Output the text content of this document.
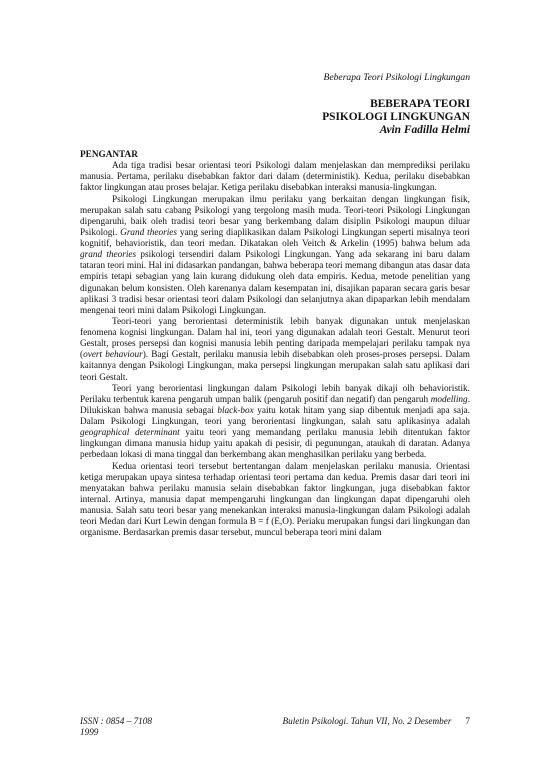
Beberapa Teori Psikologi Lingkungan
BEBERAPA TEORI
PSIKOLOGI LINGKUNGAN
Avin Fadilla Helmi
PENGANTAR

Ada tiga tradisi besar orientasi teori Psikologi dalam menjelaskan dan memprediksi perilaku manusia. Pertama, perilaku disebabkan faktor dari dalam (deterministik). Kedua, perilaku disebabkan faktor lingkungan atau proses belajar. Ketiga perilaku disebabkan interaksi manusia-lingkungan.

Psikologi Lingkungan merupakan ilmu perilaku yang berkaitan dengan lingkungan fisik, merupakan salah satu cabang Psikologi yang tergolong masih muda. Teori-teori Psikologi Lingkungan dipengaruhi, baik oleh tradisi teori besar yang berkembang dalam disiplin Psikologi maupun diluar Psikologi. Grand theories yang sering diaplikasikan dalam Psikologi Lingkungan seperti misalnya teori kognitif, behavioristik, dan teori medan. Dikatakan oleh Veitch & Arkelin (1995) bahwa belum ada grand theories psikologi tersendiri dalam Psikologi Lingkungan. Yang ada sekarang ini baru dalam tataran teori mini. Hal ini didasarkan pandangan, bahwa beberapa teori memang dibangun atas dasar data empiris tetapi sebagian yang lain kurang didukung oleh data empiris. Kedua, metode penelitian yang digunakan belum konsisten. Oleh karenanya dalam kesempatan ini, disajikan paparan secara garis besar aplikasi 3 tradisi besar orientasi teori dalam Psikologi dan selanjutnya akan dipaparkan lebih mendalam mengenai teori mini dalam Psikologi Lingkungan.

Teori-teori yang berorientasi deterministik lebih banyak digunakan untuk menjelaskan fenomena kognisi lingkungan. Dalam hal ini, teori yang digunakan adalah teori Gestalt. Menurut teori Gestalt, proses persepsi dan kognisi manusia lebih penting daripada mempelajari perilaku tampak nya (overt behaviour). Bagi Gestalt, perilaku manusia lebih disebabkan oleh proses-proses persepsi. Dalam kaitannya dengan Psikologi Lingkungan, maka persepsi lingkungan merupakan salah satu aplikasi dari teori Gestalt.

Teori yang berorientasi lingkungan dalam Psikologi lebih banyak dikaji olh behavioristik. Perilaku terbentuk karena pengaruh umpan balik (pengaruh positif dan negatif) dan pengaruh modelling. Dilukiskan bahwa manusia sebagai black-box yaitu kotak hitam yang siap dibentuk menjadi apa saja. Dalam Psikologi Lingkungan, teori yang berorientasi lingkungan, salah satu aplikasinya adalah geographical determinant yaitu teori yang memandang perilaku manusia lebih ditentukan faktor lingkungan dimana manusia hidup yaitu apakah di pesisir, di pegunungan, ataukah di daratan. Adanya perbedaan lokasi di mana tinggal dan berkembang akan menghasilkan perilaku yang berbeda.

Kedua orientasi teori tersebut bertentangan dalam menjelaskan perilaku manusia. Orientasi ketiga merupakan upaya sintesa terhadap orientasi teori pertama dan kedua. Premis dasar dari teori ini menyatakan bahwa perilaku manusia selain disebabkan faktor lingkungan, juga disebabkan faktor internal. Artinya, manusia dapat mempengaruhi lingkungan dan lingkungan dapat dipengaruhi oleh manusia. Salah satu teori besar yang menekankan interaksi manusia-lingkungan dalam Psikologi adalah teori Medan dari Kurt Lewin dengan formula B = f (E,O). Periaku merupakan fungsi dari lingkungan dan organisme. Berdasarkan premis dasar tersebut, muncul beberapa teori mini dalam

ISSN : 0854 – 7108	Buletin Psikologi. Tahun VII, No. 2 Desember 7
1999
